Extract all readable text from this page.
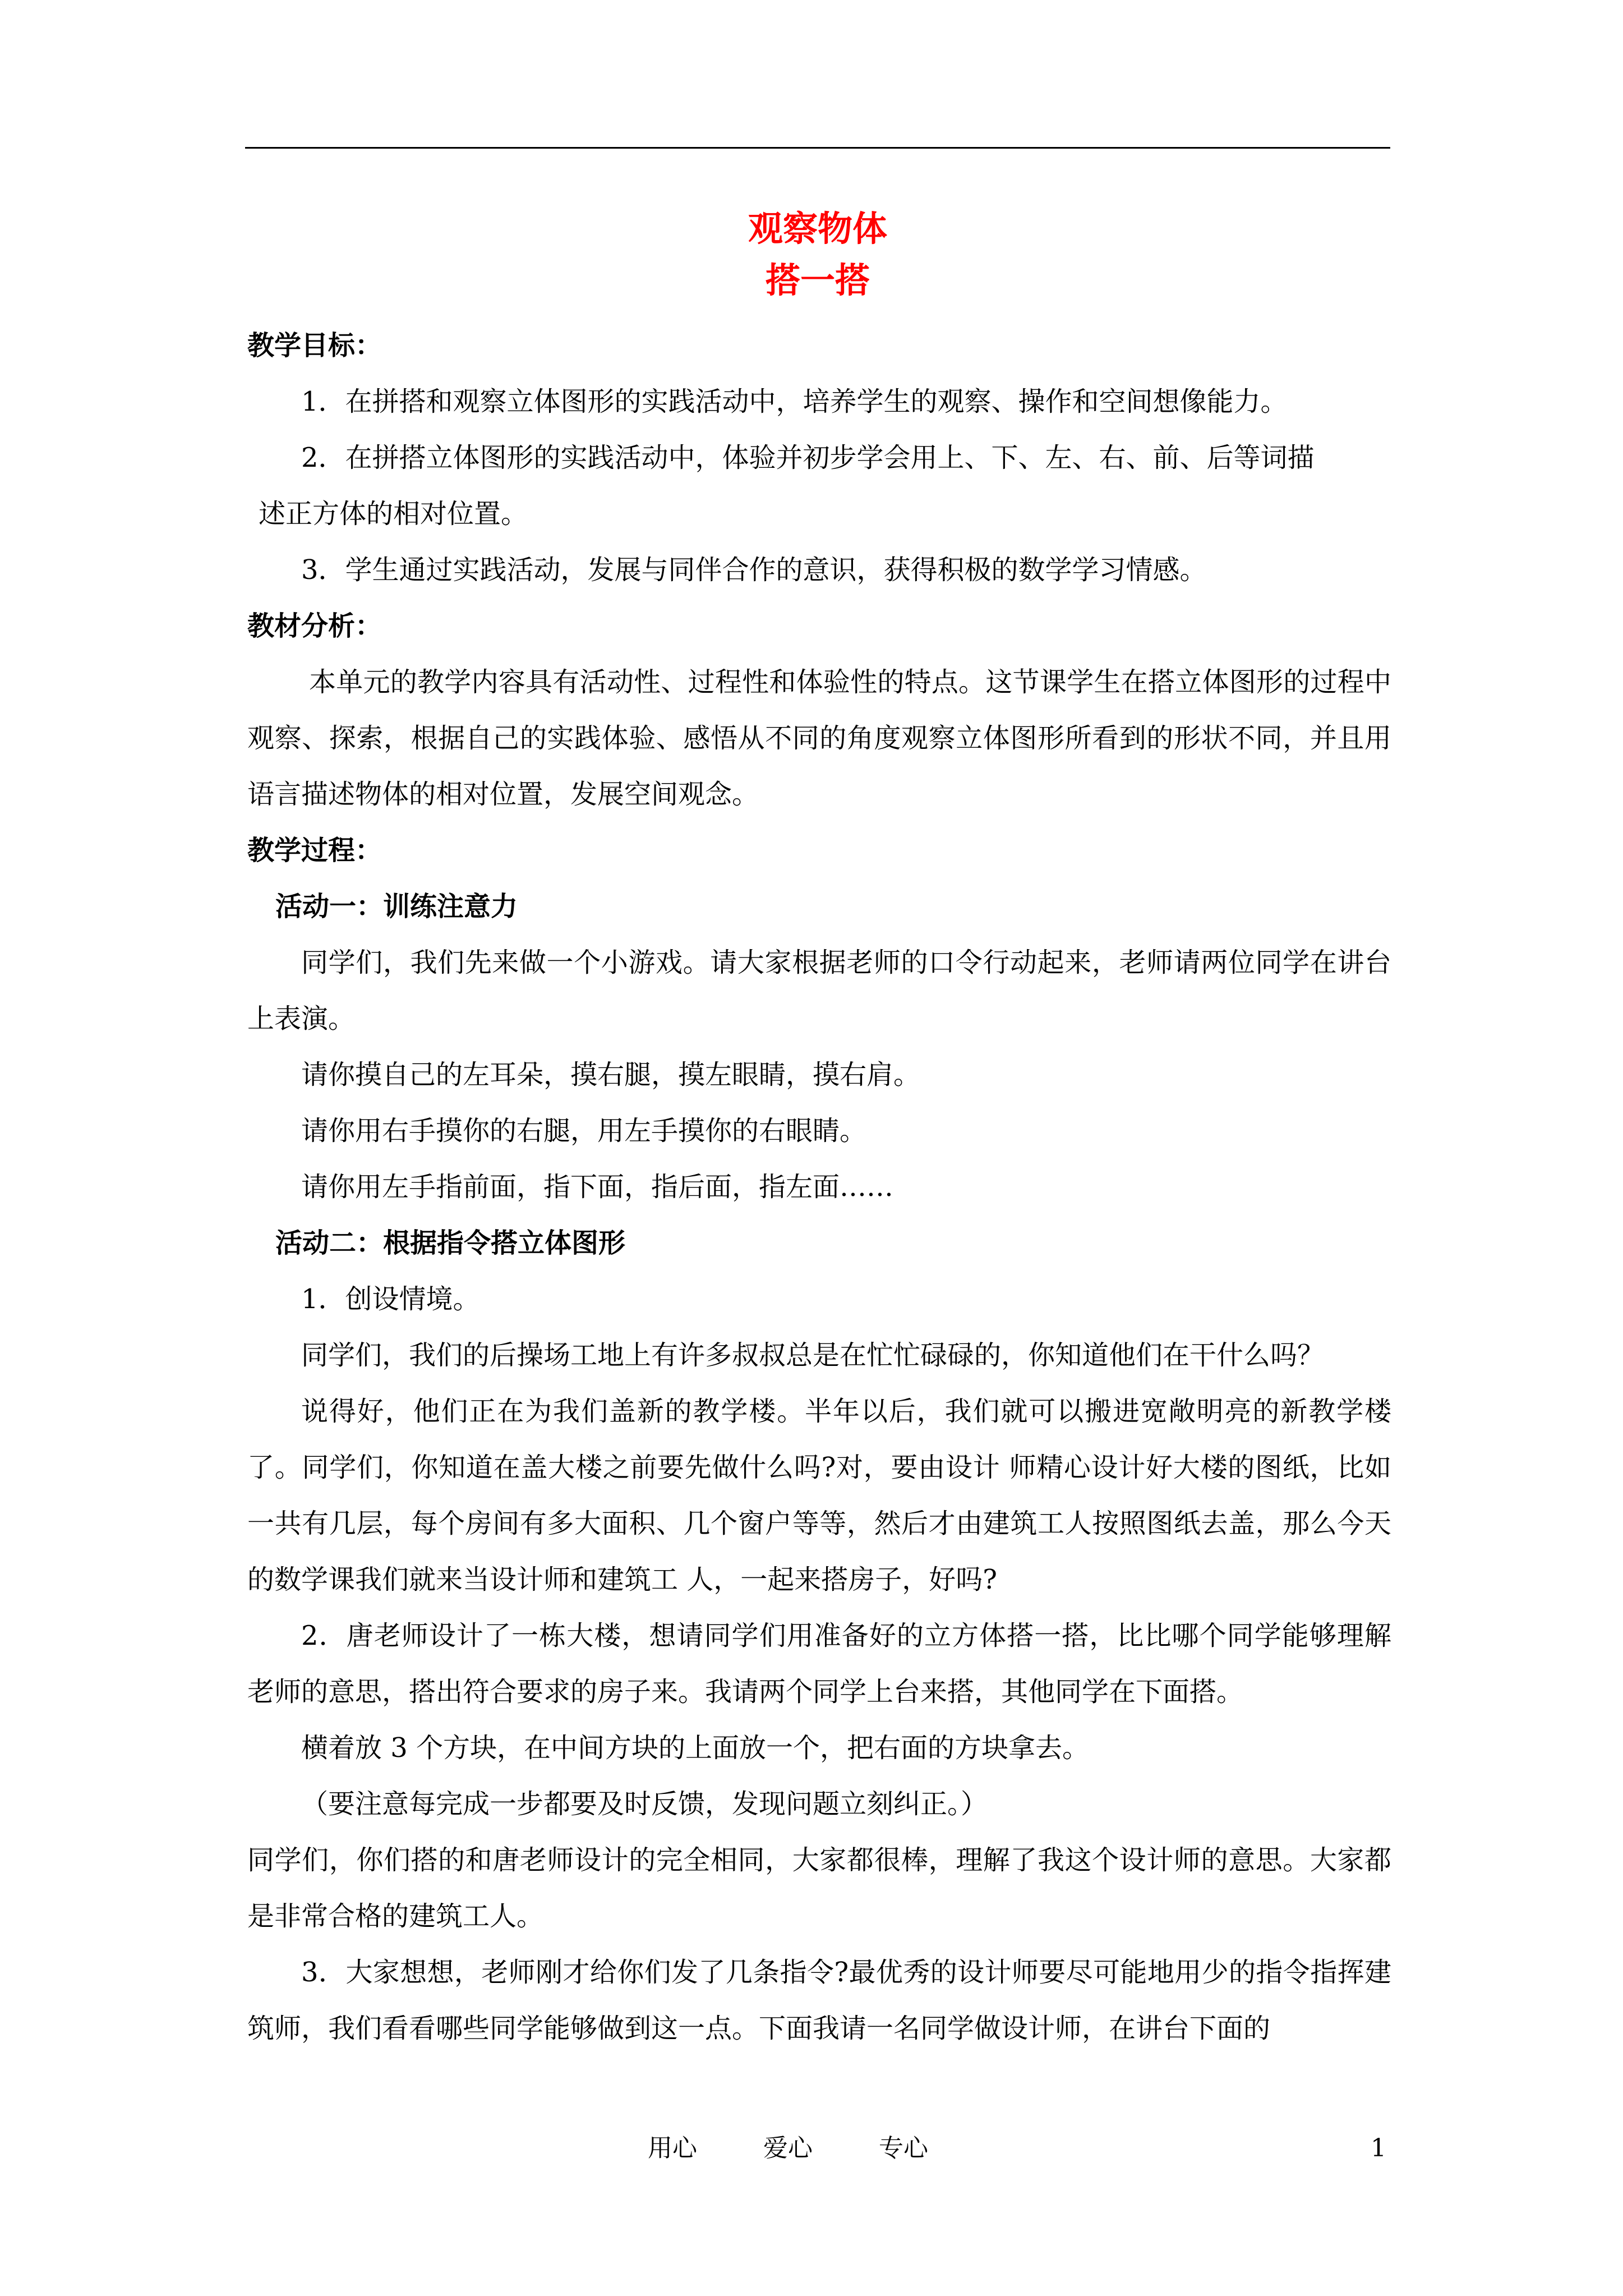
观察物体
搭一搭

教学目标：

1．在拼搭和观察立体图形的实践活动中，培养学生的观察、操作和空间想像能力。

2．在拼搭立体图形的实践活动中，体验并初步学会用上、下、左、右、前、后等词描

述正方体的相对位置。

3．学生通过实践活动，发展与同伴合作的意识，获得积极的数学学习情感。

教材分析：

本单元的教学内容具有活动性、过程性和体验性的特点。这节课学生在搭立体图形的过程中观察、探索，根据自己的实践体验、感悟从不同的角度观察立体图形所看到的形状不同，并且用语言描述物体的相对位置，发展空间观念。

教学过程：

活动一：训练注意力

同学们，我们先来做一个小游戏。请大家根据老师的口令行动起来，老师请两位同学在讲台上表演。

请你摸自己的左耳朵，摸右腿，摸左眼睛，摸右肩。

请你用右手摸你的右腿，用左手摸你的右眼睛。

请你用左手指前面，指下面，指后面，指左面……

活动二：根据指令搭立体图形

1．创设情境。

同学们，我们的后操场工地上有许多叔叔总是在忙忙碌碌的，你知道他们在干什么吗？

说得好，他们正在为我们盖新的教学楼。半年以后，我们就可以搬进宽敞明亮的新教学楼了。同学们，你知道在盖大楼之前要先做什么吗?对，要由设计 师精心设计好大楼的图纸，比如一共有几层，每个房间有多大面积、几个窗户等等，然后才由建筑工人按照图纸去盖，那么今天的数学课我们就来当设计师和建筑工 人，一起来搭房子，好吗?

2．唐老师设计了一栋大楼，想请同学们用准备好的立方体搭一搭，比比哪个同学能够理解老师的意思，搭出符合要求的房子来。我请两个同学上台来搭，其他同学在下面搭。

横着放 3 个方块，在中间方块的上面放一个，把右面的方块拿去。

（要注意每完成一步都要及时反馈，发现问题立刻纠正。）

同学们，你们搭的和唐老师设计的完全相同，大家都很棒，理解了我这个设计师的意思。大家都是非常合格的建筑工人。

3．大家想想，老师刚才给你们发了几条指令?最优秀的设计师要尽可能地用少的指令指挥建筑师，我们看看哪些同学能够做到这一点。下面我请一名同学做设计师，在讲台下面的

用心	爱心	专心	1
